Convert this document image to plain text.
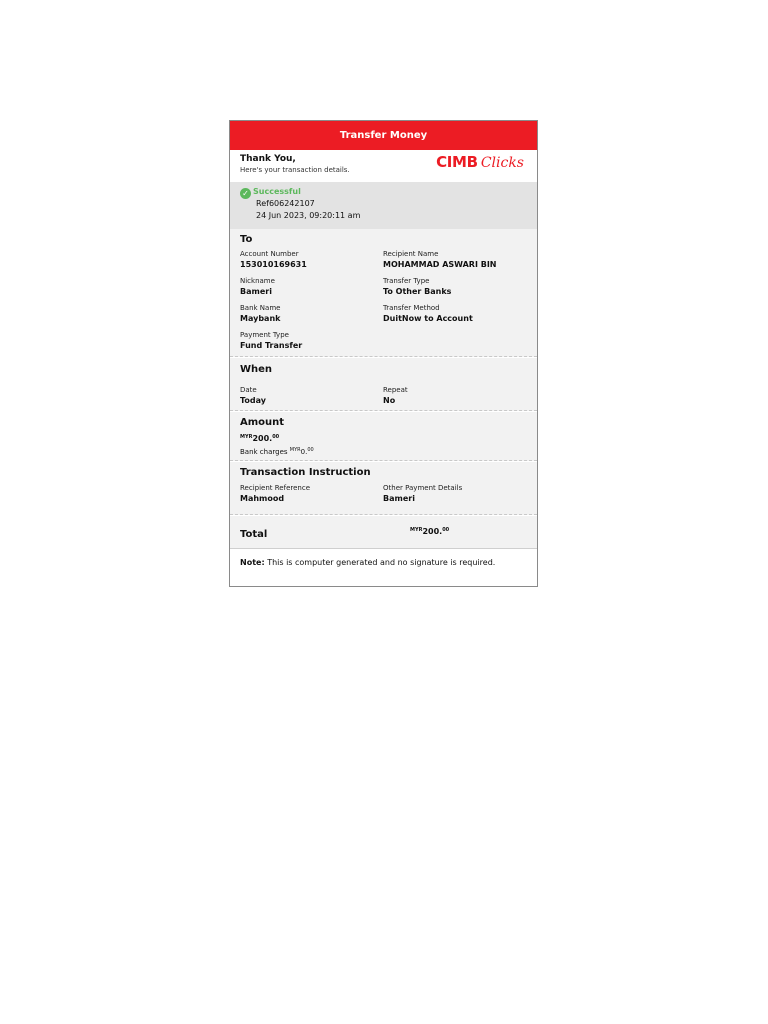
Transfer Money
Thank You,
Here's your transaction details.	CIMB Clicks
✓ Successful
Ref606242107
24 Jun 2023, 09:20:11 am
To
Account Number
153010169631
Recipient Name
MOHAMMAD ASWARI BIN
Nickname
Bameri
Transfer Type
To Other Banks
Bank Name
Maybank
Transfer Method
DuitNow to Account
Payment Type
Fund Transfer
When
Date
Today
Repeat
No
Amount
$^{MYR}$200.00
Bank charges $^{MYR}$0.00
Transaction Instruction
Recipient Reference
Mahmood
Other Payment Details
Bameri
Total	$^{MYR}$200.00
Note: This is computer generated and no signature is required.
